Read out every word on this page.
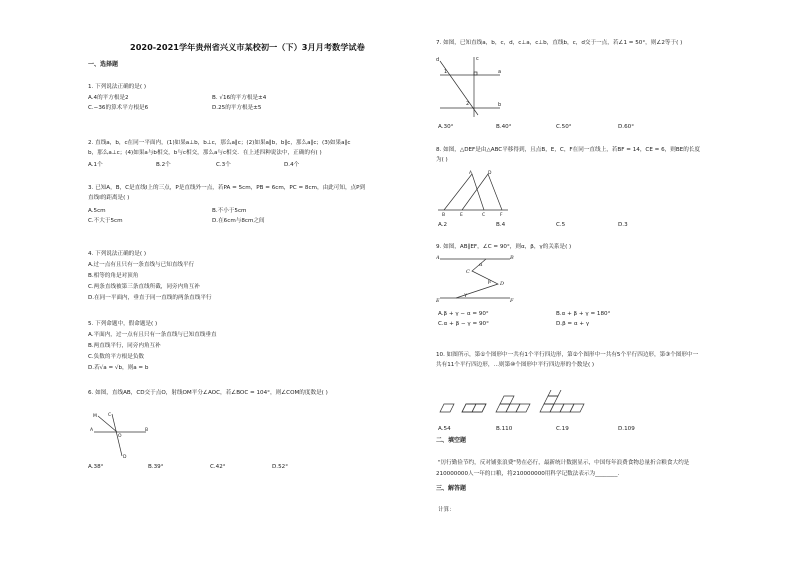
2020-2021学年贵州省兴义市某校初一（下）3月月考数学试卷
一、选择题
1. 下列说法正确的是( )
A.4的平方根是2	B. √16的平方根是±4
C.−36的算术平方根是6	D.25的平方根是±5
2. 直线a，b，c在同一平面内，(1)如果a⊥b，b⊥c，那么a∥c；(2)如果a∥b，b∥c，那么a∥c；(3)如果a∥c
b，那么a⊥c；(4)如果a与b相交，b与c相交，那么a与c相交．在上述四种说法中，正确的有( )
A.1个	B.2个	C.3个	D.4个
3. 已知A，B，C是直线l上的三点，P是直线外一点，若PA = 5cm，PB = 6cm，PC = 8cm，由此可知，点P到
直线l的距离是( )
A.5cm	B.不小于5cm
C.不大于5cm	D.在6cm与8cm之间
4. 下列说法正确的是( )
A.过一点有且只有一条直线与已知直线平行
B.相等的角是对顶角
C.两条直线被第三条直线所截，同旁内角互补
D.在同一平面内，垂直于同一直线的两条直线平行
5. 下列命题中，假命题是( )
A.平面内，过一点有且只有一条直线与已知直线垂直
B.两直线平行，同旁内角互补
C.负数的平方根是负数
D.若√a = √b，则a = b
6. 如图，直线AB，CD交于点O，射线OM平分∠AOC，若∠BOC = 104°，则∠COM的度数是( )
M
A
C
O
D
B
A.38°	B.39°	C.42°	D.52°
7. 如图，已知直线a，b，c，d，c⊥a，c⊥b，直线b，c，d交于一点，若∠1 = 50°，则∠2等于( )
d
1
2
a
b
c
A.30°	B.40°	C.50°	D.60°
8. 如图，△DEF是由△ABC平移得到，且点B，E，C，F在同一直线上，若BF = 14，CE = 6，则BE的长度
为( )
A	D
B	E	C	F
A.2	B.4	C.5	D.3
9. 如图，AB∥EF，∠C = 90°，则α，β，γ的关系是( )
A	B
C
D
E	F
α
β
γ
A.β + γ − α = 90°	B.α + β + γ = 180°
C.α + β − γ = 90°	D.β = α + γ
10. 如图所示，第①个图形中一共有1个平行四边形，第②个图形中一共有5个平行四边形，第③个图形中一
共有11个平行四边形，…则第⑩个图形中平行四边形的个数是( )
A.54	B.110	C.19	D.109
二、填空题
"厉行勤俭节约，反对铺张浪费"势在必行，最新统计数据显示，中国每年浪费食物总量折合粮食大约是
210000000人一年的口粮，将210000000用科学记数法表示为________．
三、解答题
计算：
